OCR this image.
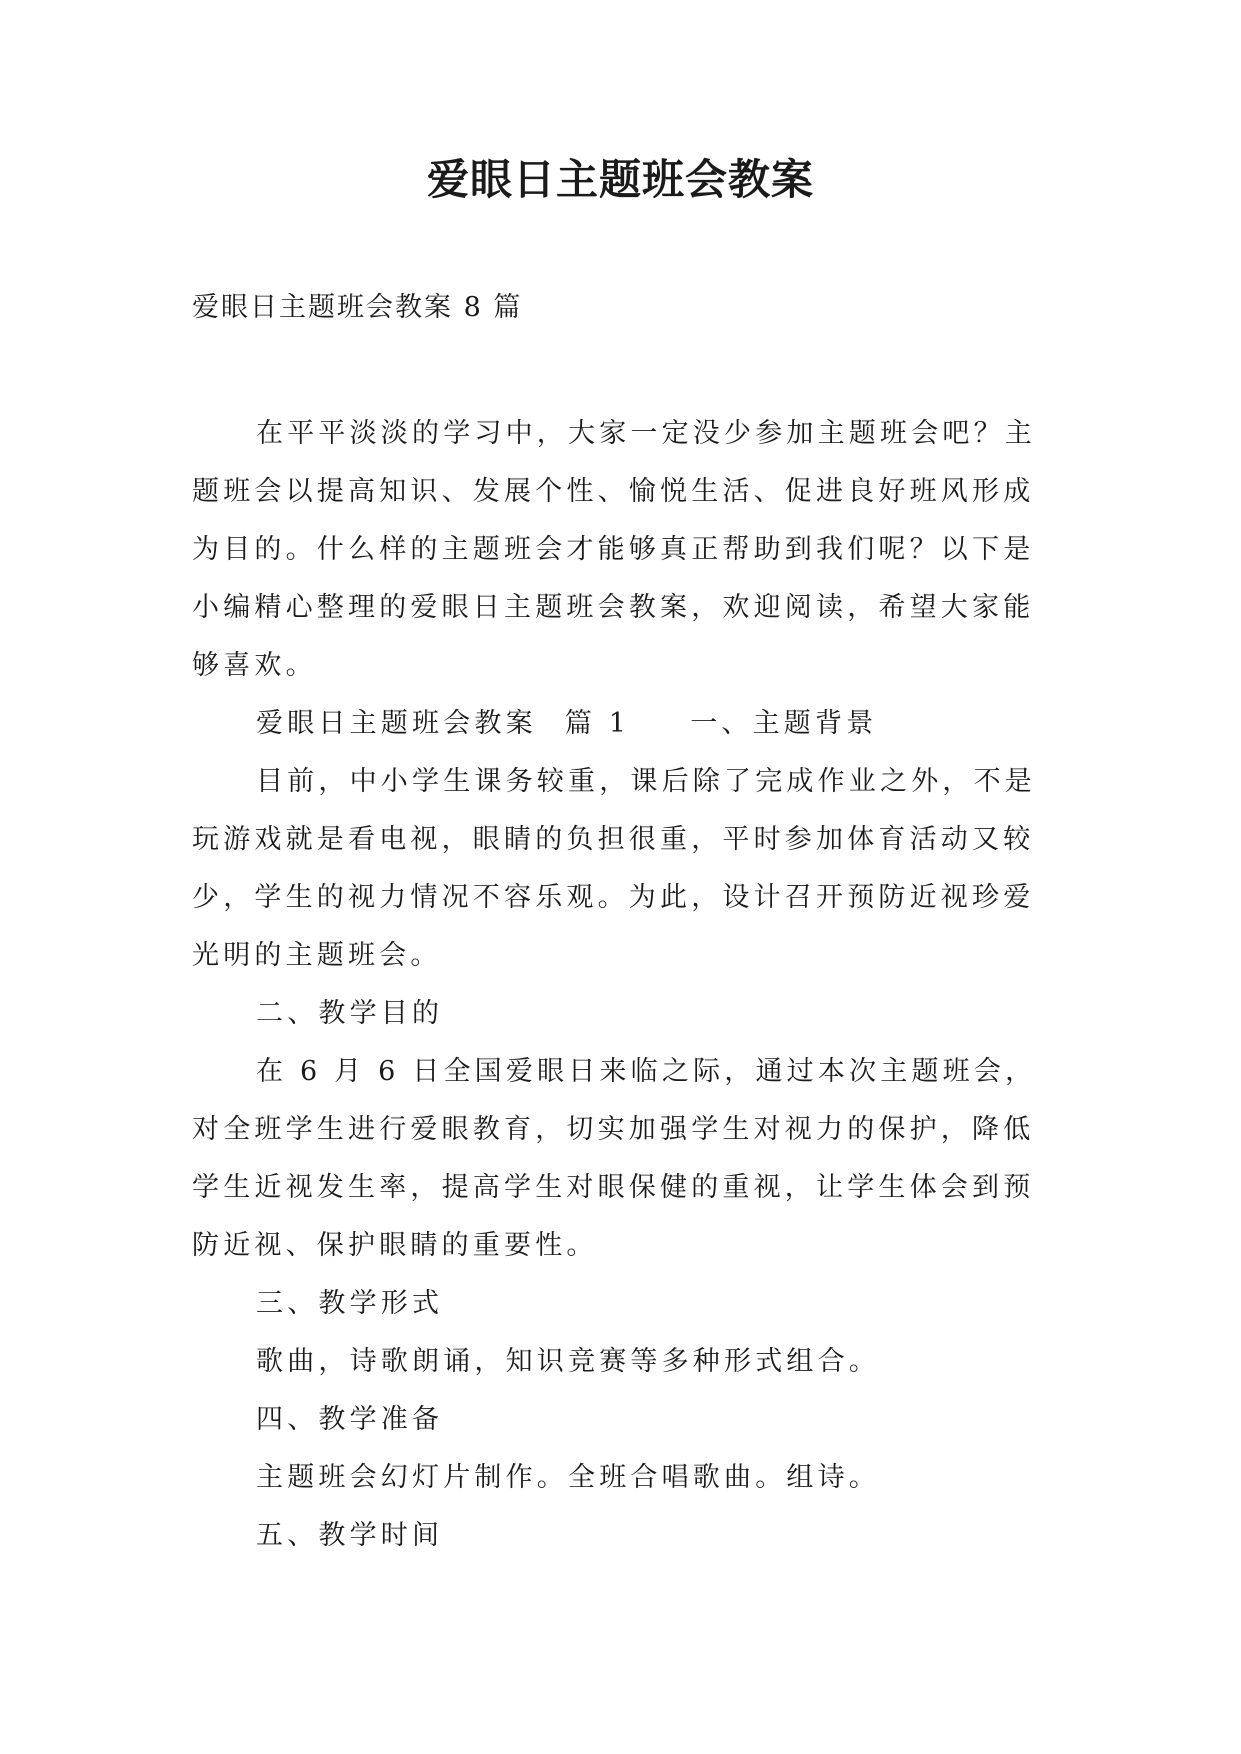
爱眼日主题班会教案
爱眼日主题班会教案 8 篇

在平平淡淡的学习中，大家一定没少参加主题班会吧？主题班会以提高知识、发展个性、愉悦生活、促进良好班风形成为目的。什么样的主题班会才能够真正帮助到我们呢？以下是小编精心整理的爱眼日主题班会教案，欢迎阅读，希望大家能够喜欢。

爱眼日主题班会教案 篇 1 一、主题背景

目前，中小学生课务较重，课后除了完成作业之外，不是玩游戏就是看电视，眼睛的负担很重，平时参加体育活动又较少，学生的视力情况不容乐观。为此，设计召开预防近视珍爱光明的主题班会。

二、教学目的

在 6 月 6 日全国爱眼日来临之际，通过本次主题班会，对全班学生进行爱眼教育，切实加强学生对视力的保护，降低学生近视发生率，提高学生对眼保健的重视，让学生体会到预防近视、保护眼睛的重要性。

三、教学形式

歌曲，诗歌朗诵，知识竞赛等多种形式组合。

四、教学准备

主题班会幻灯片制作。全班合唱歌曲。组诗。

五、教学时间
